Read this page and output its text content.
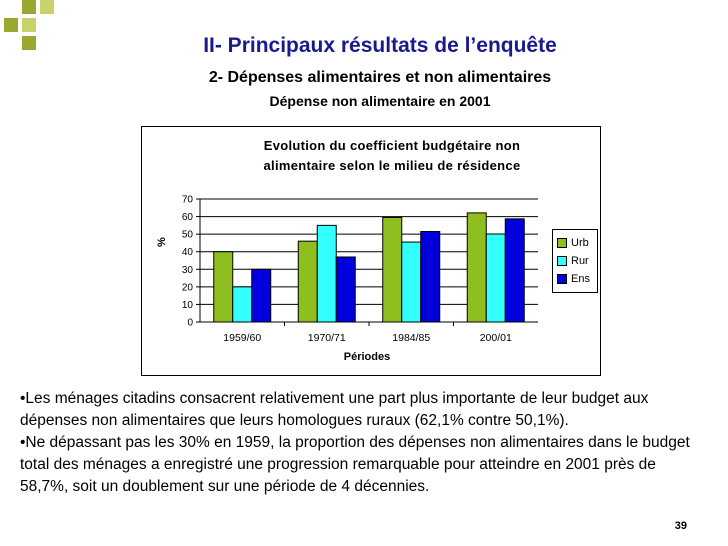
II- Principaux résultats de l’enquête
2- Dépenses alimentaires et non alimentaires
Dépense non alimentaire en 2001
Evolution du coefficient budgétaire non
alimentaire selon le milieu de résidence
0
10
20
30
40
50
60
70
1959/60	1970/71	1984/85	200/01
%
Périodes
Urb
Rur
Ens

•Les ménages citadins consacrent relativement une part plus importante de leur budget aux dépenses non alimentaires que leurs homologues ruraux (62,1% contre 50,1%).

•Ne dépassant pas les 30% en 1959, la proportion des dépenses non alimentaires dans le budget total des ménages a enregistré une progression remarquable pour atteindre en 2001 près de 58,7%, soit un doublement sur une période de 4 décennies.

39
